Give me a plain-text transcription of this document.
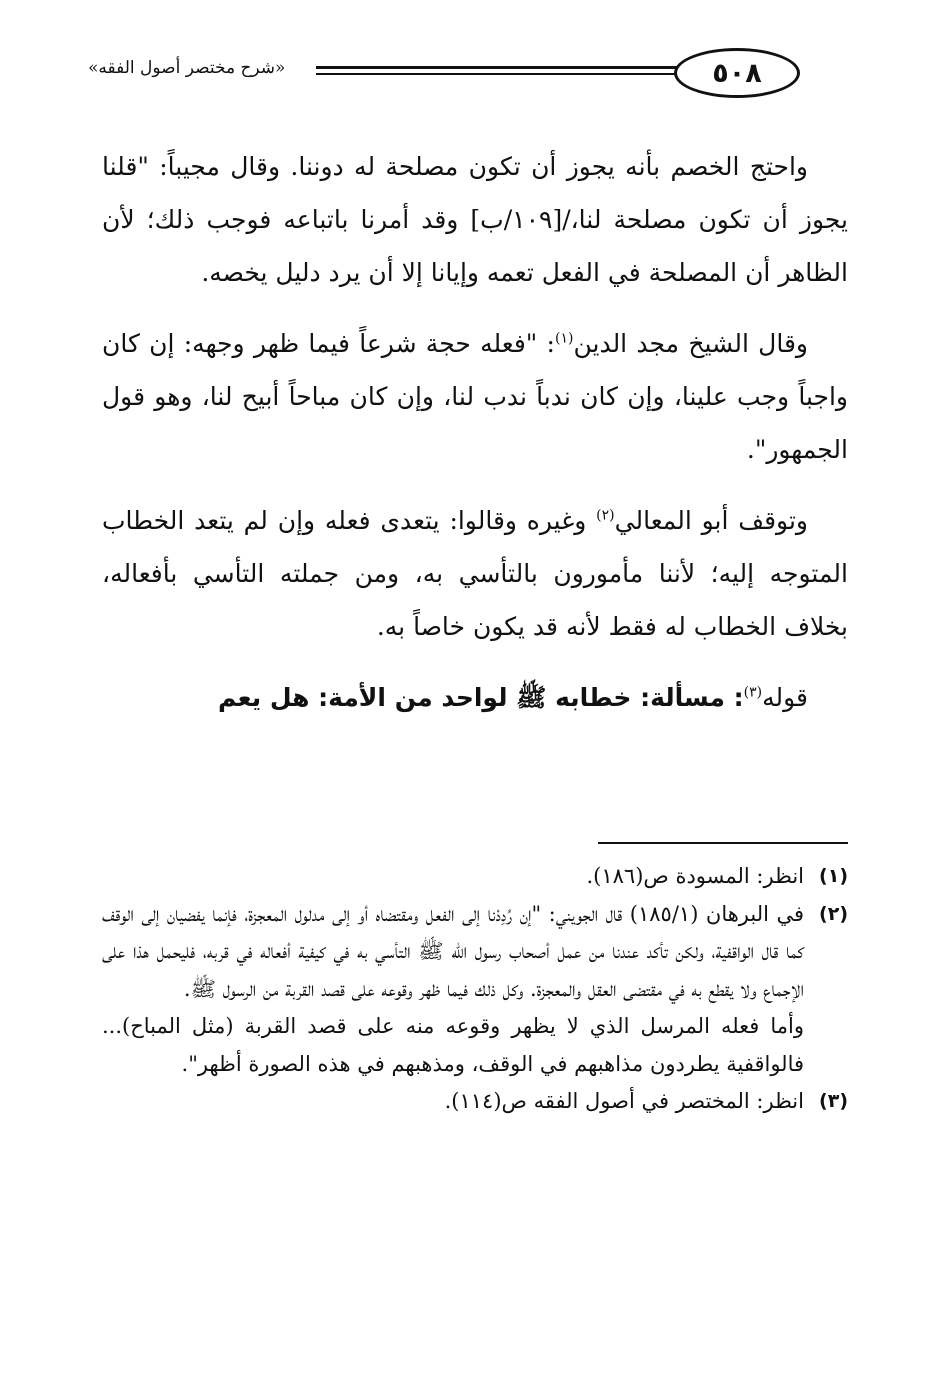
٥٠٨
«شرح مختصر أصول الفقه»

واحتج الخصم بأنه يجوز أن تكون مصلحة له دوننا. وقال مجيباً: "قلنا يجوز أن تكون مصلحة لنا،/[١٠٩/ب] وقد أمرنا باتباعه فوجب ذلك؛ لأن الظاهر أن المصلحة في الفعل تعمه وإيانا إلا أن يرد دليل يخصه.

وقال الشيخ مجد الدين$^{(١)}$: "فعله حجة شرعاً فيما ظهر وجهه: إن كان واجباً وجب علينا، وإن كان ندباً ندب لنا، وإن كان مباحاً أبيح لنا، وهو قول الجمهور".

وتوقف أبو المعالي$^{(٢)}$ وغيره وقالوا: يتعدى فعله وإن لم يتعد الخطاب المتوجه إليه؛ لأننا مأمورون بالتأسي به، ومن جملته التأسي بأفعاله، بخلاف الخطاب له فقط لأنه قد يكون خاصاً به.

قوله$^{(٣)}$: مسألة: خطابه ﷺ لواحد من الأمة: هل يعم

(١)

انظر: المسودة ص(١٨٦).

(٢)

في البرهان (١٨٥/١) قال الجويني: "إن رُدِدْنا إلى الفعل ومقتضاه أو إلى مدلول المعجزة، فإنما يفضيان إلى الوقف كما قال الواقفية، ولكن تأكد عندنا من عمل أصحاب رسول الله ﷺ التأسي به في كيفية أفعاله في قربه، فليحمل هذا على الإجماع ولا يقطع به في مقتضى العقل والمعجزة. وكل ذلك فيما ظهر وقوعه على قصد القربة من الرسول ﷺ.

وأما فعله المرسل الذي لا يظهر وقوعه منه على قصد القربة (مثل المباح)... فالواقفية يطردون مذاهبهم في الوقف، ومذهبهم في هذه الصورة أظهر".

(٣)

انظر: المختصر في أصول الفقه ص(١١٤).
